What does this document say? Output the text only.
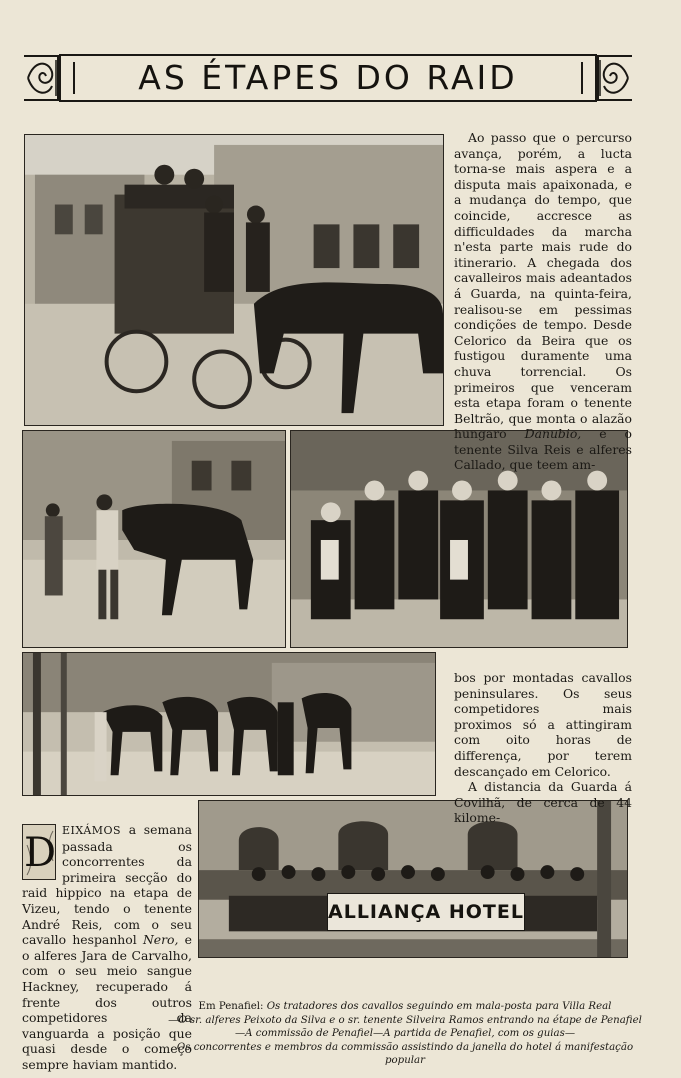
AS ÉTAPES DO RAID
ALLIANÇA HOTEL

Ao passo que o percurso avança, porém, a lucta torna-se mais aspera e a disputa mais apaixonada, e a mudança do tempo, que coincide, accresce as difficuldades da marcha n'esta parte mais rude do itinerario. A chegada dos cavalleiros mais adeantados á Guarda, na quinta-feira, realisou-se em pessimas condições de tempo. Desde Celorico da Beira que os fustigou duramente uma chuva torrencial. Os primeiros que venceram esta etapa foram o tenente Beltrão, que monta o alazão hungaro Danubio, e o tenente Silva Reis e alferes Callado, que teem am-

bos por montadas cavallos peninsulares. Os seus competidores mais proximos só a attingiram com oito horas de differença, por terem descançado em Celorico.

A distancia da Guarda á Covilhã, de cerca de 44 kilome-

D EIXÁMOS a semana passada os concorrentes da primeira secção do raid hippico na etapa de Vizeu, tendo o tenente André Reis, com o seu cavallo hespanhol Nero, e o alferes Jara de Carvalho, com o seu meio sangue Hackney, recuperado á frente dos outros competidores da vanguarda a posição que quasi desde o começo sempre haviam mantido.

Em Penafiel: Os tratadores dos cavallos seguindo em mala-posta para Villa Real
—O sr. alferes Peixoto da Silva e o sr. tenente Silveira Ramos entrando na étape de Penafiel
—A commissão de Penafiel—A partida de Penafiel, com os guias—
Os concorrentes e membros da commissão assistindo da janella do hotel á manifestação popular
